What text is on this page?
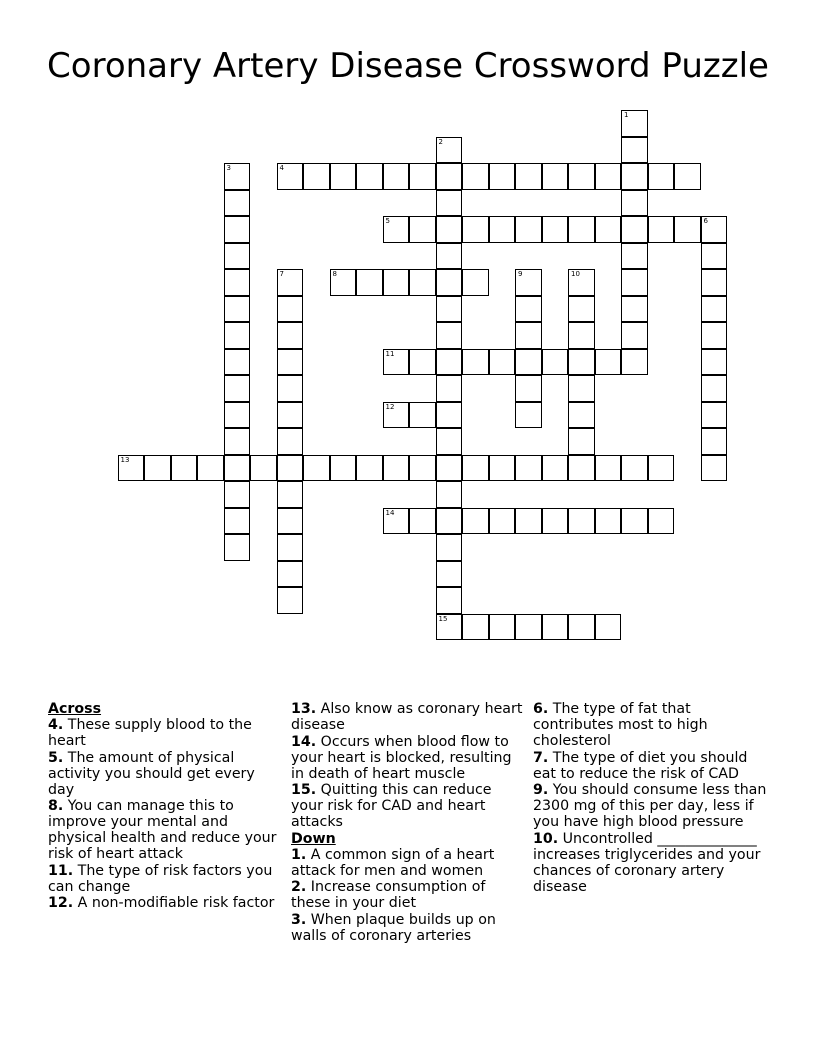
Coronary Artery Disease Crossword Puzzle
1
2
15
3	4
5	6
7	8	9	10
11
12
13
14
Across
4. These supply blood to the heart
5. The amount of physical activity you should get every day
8. You can manage this to improve your mental and physical health and reduce your risk of heart attack
11. The type of risk factors you can change
12. A non-modifiable risk factor
13. Also know as coronary heart disease
14. Occurs when blood flow to your heart is blocked, resulting in death of heart muscle
15. Quitting this can reduce your risk for CAD and heart attacks
Down
1. A common sign of a heart attack for men and women
2. Increase consumption of these in your diet
3. When plaque builds up on walls of coronary arteries
6. The type of fat that contributes most to high cholesterol
7. The type of diet you should eat to reduce the risk of CAD
9. You should consume less than 2300 mg of this per day, less if you have high blood pressure
10. Uncontrolled ______________ increases triglycerides and your chances of coronary artery disease
